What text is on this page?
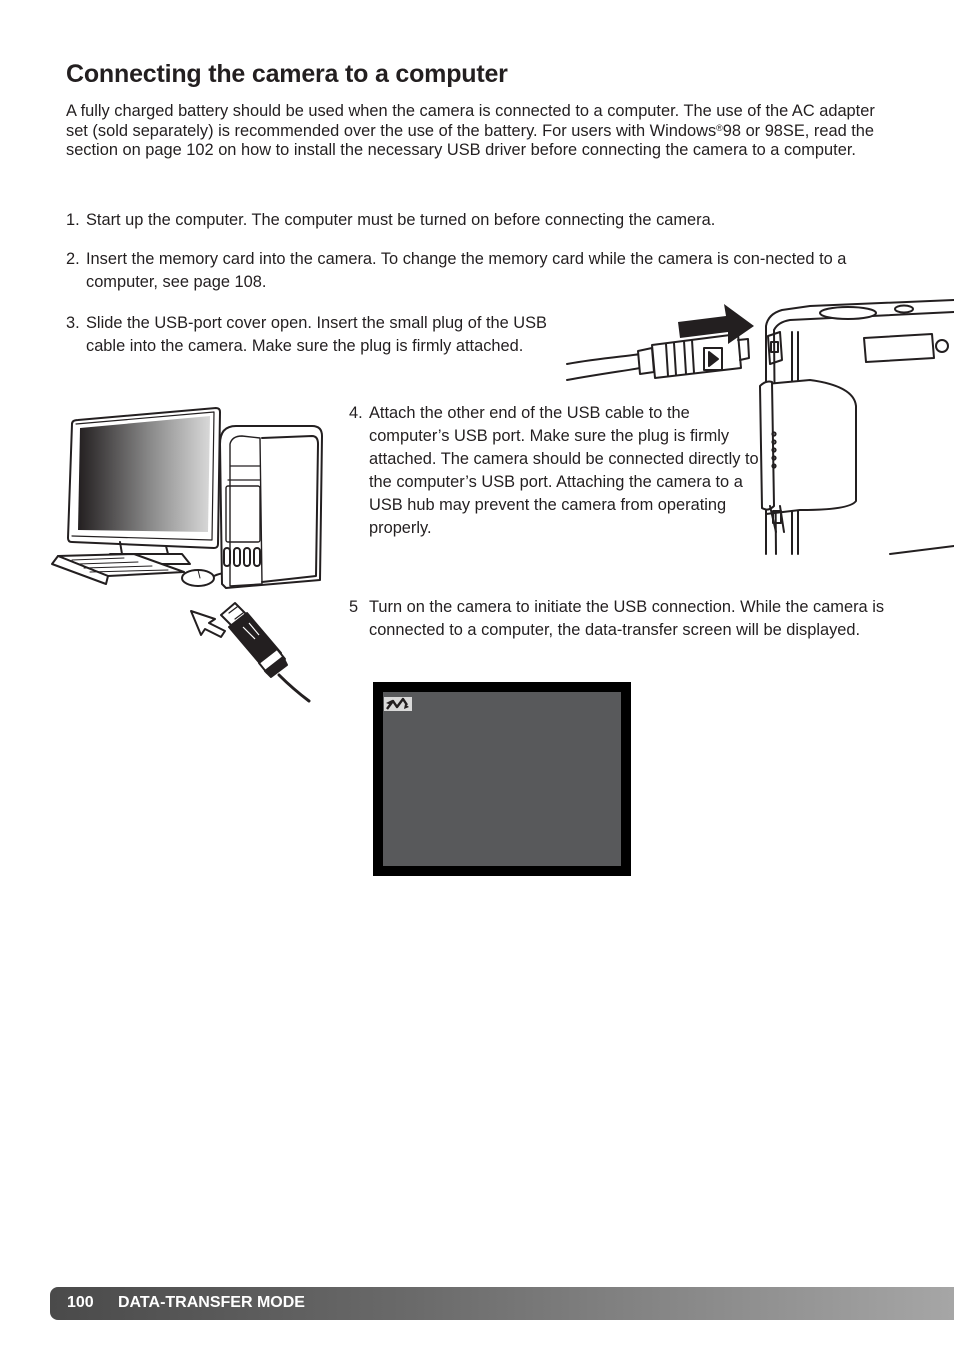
Connecting the camera to a computer

A fully charged battery should be used when the camera is connected to a computer. The use of the AC adapter set (sold separately) is recommended over the use of the battery. For users with Windows®98 or 98SE, read the section on page 102 on how to install the necessary USB driver before connecting the camera to a computer.

1. Start up the computer. The computer must be turned on before connecting the camera.

2. Insert the memory card into the camera. To change the memory card while the camera is con-nected to a computer, see page 108.

3. Slide the USB-port cover open. Insert the small plug of the USB cable into the camera. Make sure the plug is firmly attached.

4. Attach the other end of the USB cable to the computer’s USB port. Make sure the plug is firmly attached. The camera should be connected directly to the computer’s USB port. Attaching the camera to a USB hub may prevent the camera from operating properly.

5 Turn on the camera to initiate the USB connection. While the camera is connected to a computer, the data-transfer screen will be displayed.

100 DATA-TRANSFER MODE
